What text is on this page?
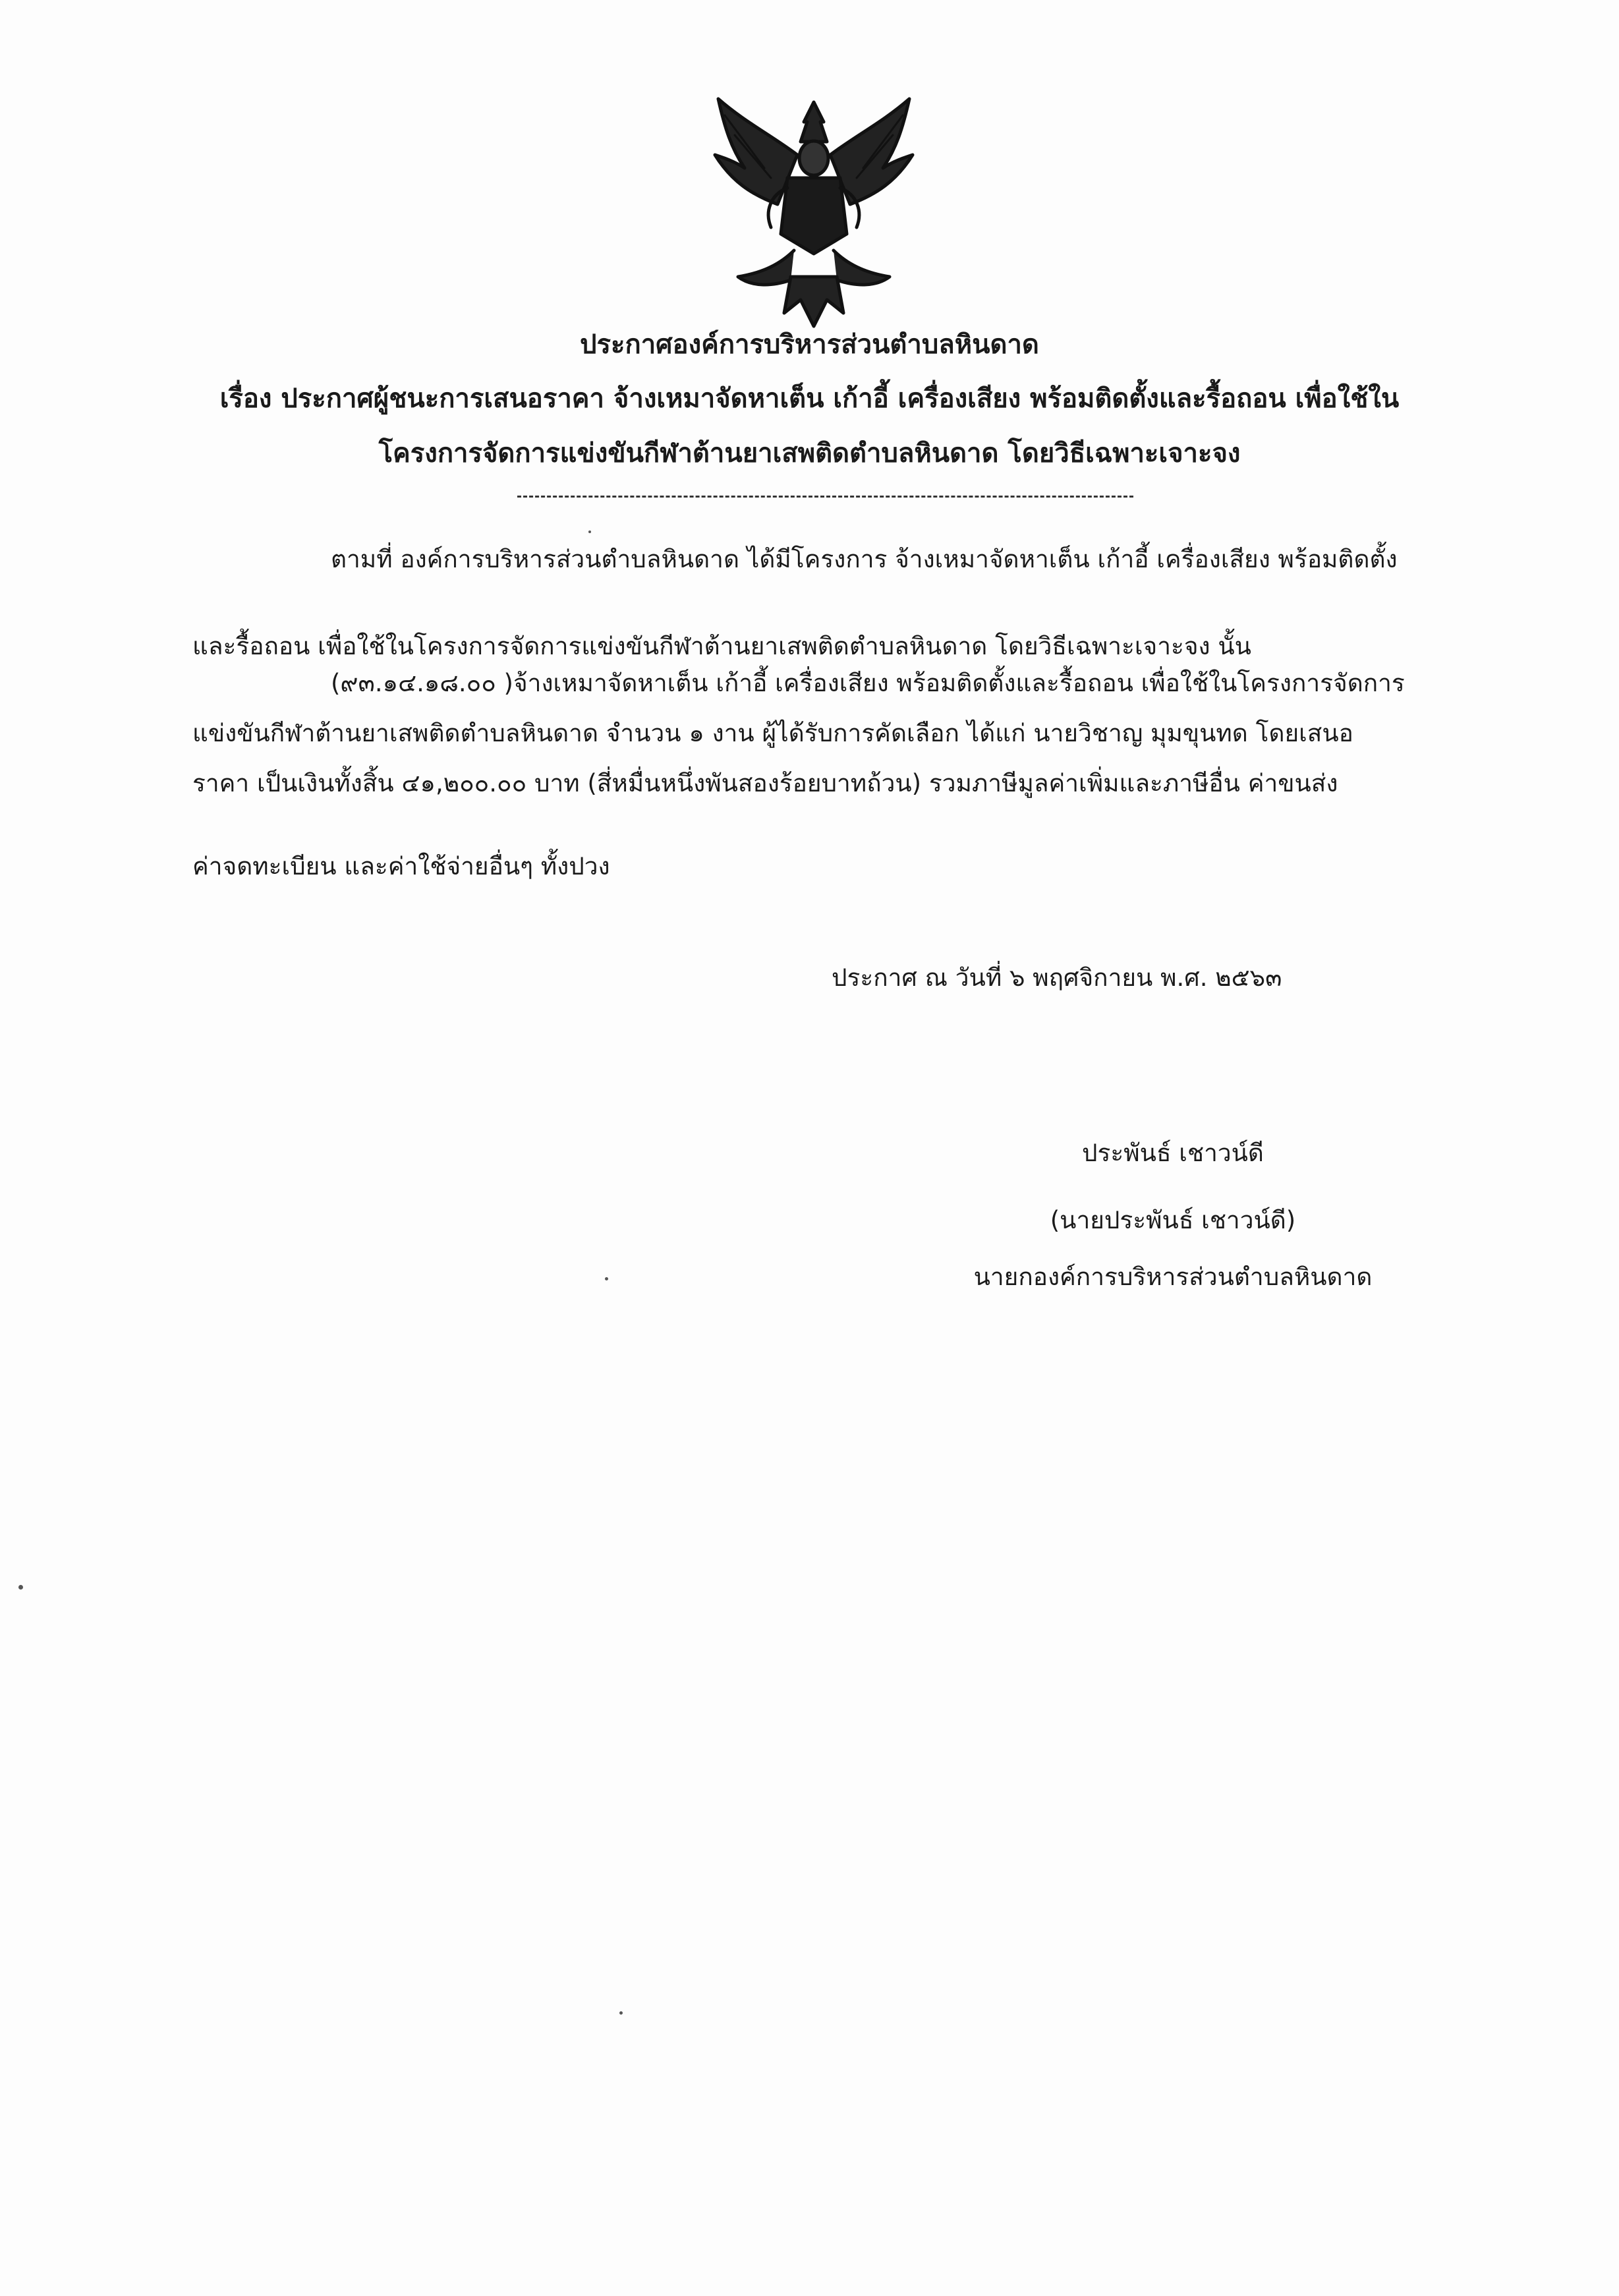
ประกาศองค์การบริหารส่วนตำบลหินดาด
เรื่อง ประกาศผู้ชนะการเสนอราคา จ้างเหมาจัดหาเต็น เก้าอี้ เครื่องเสียง พร้อมติดตั้งและรื้อถอน เพื่อใช้ใน
โครงการจัดการแข่งขันกีฬาต้านยาเสพติดตำบลหินดาด โดยวิธีเฉพาะเจาะจง
ตามที่ องค์การบริหารส่วนตำบลหินดาด ได้มีโครงการ จ้างเหมาจัดหาเต็น เก้าอี้ เครื่องเสียง พร้อมติดตั้ง
และรื้อถอน เพื่อใช้ในโครงการจัดการแข่งขันกีฬาต้านยาเสพติดตำบลหินดาด โดยวิธีเฉพาะเจาะจง นั้น
(๙๓.๑๔.๑๘.๐๐ )จ้างเหมาจัดหาเต็น เก้าอี้ เครื่องเสียง พร้อมติดตั้งและรื้อถอน เพื่อใช้ในโครงการจัดการ
แข่งขันกีฬาต้านยาเสพติดตำบลหินดาด จำนวน ๑ งาน ผู้ได้รับการคัดเลือก ได้แก่ นายวิชาญ มุมขุนทด โดยเสนอ
ราคา เป็นเงินทั้งสิ้น ๔๑,๒๐๐.๐๐ บาท (สี่หมื่นหนึ่งพันสองร้อยบาทถ้วน) รวมภาษีมูลค่าเพิ่มและภาษีอื่น ค่าขนส่ง
ค่าจดทะเบียน และค่าใช้จ่ายอื่นๆ ทั้งปวง
ประกาศ ณ วันที่ ๖ พฤศจิกายน พ.ศ. ๒๕๖๓
ประพันธ์ เชาวน์ดี
(นายประพันธ์ เชาวน์ดี)
นายกองค์การบริหารส่วนตำบลหินดาด
